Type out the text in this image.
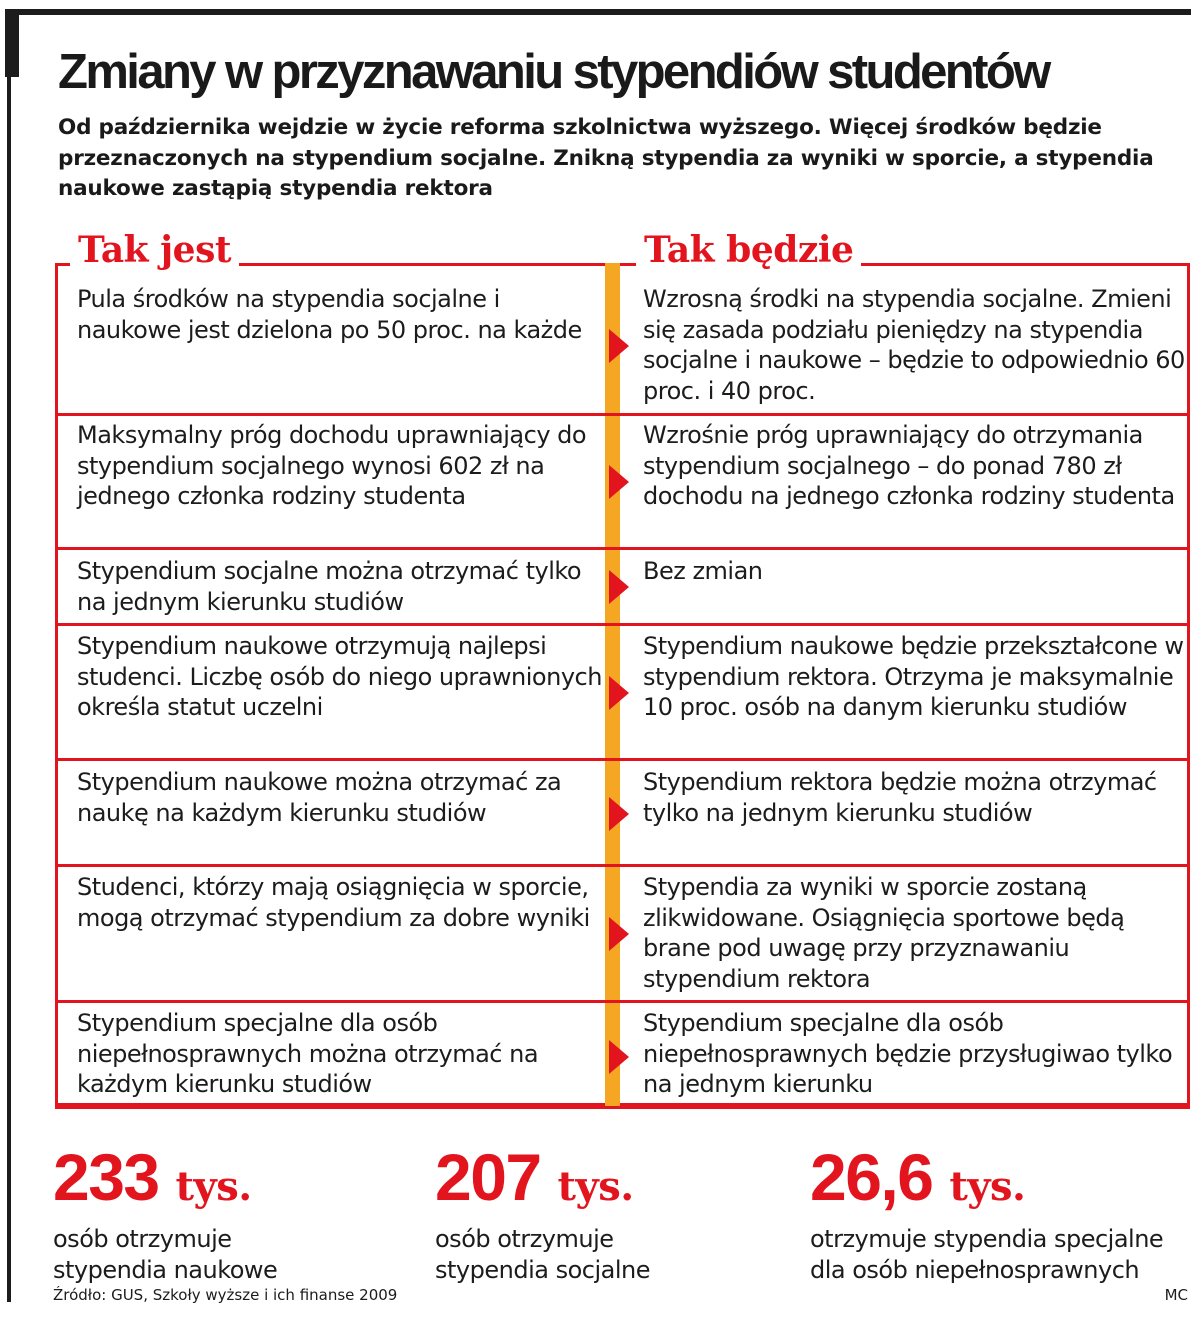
Zmiany w przyznawaniu stypendiów studentów

Od października wejdzie w życie reforma szkolnictwa wyższego. Więcej środków będzie przeznaczonych na stypendium socjalne. Znikną stypendia za wyniki w sporcie, a stypendia naukowe zastąpią stypendia rektora

Tak jest	Tak będzie
Pula środków na stypendia socjalne i naukowe jest dzielona po 50 proc. na każde
Wzrosną środki na stypendia socjalne. Zmieni się zasada podziału pieniędzy na stypendia socjalne i naukowe – będzie to odpowiednio 60 proc. i 40 proc.
Maksymalny próg dochodu uprawniający do stypendium socjalnego wynosi 602 zł na jednego członka rodziny studenta
Wzrośnie próg uprawniający do otrzymania stypendium socjalnego – do ponad 780 zł dochodu na jednego członka rodziny studenta
Stypendium socjalne można otrzymać tylko na jednym kierunku studiów
Bez zmian
Stypendium naukowe otrzymują najlepsi studenci. Liczbę osób do niego uprawnionych określa statut uczelni
Stypendium naukowe będzie przekształcone w stypendium rektora. Otrzyma je maksymalnie 10 proc. osób na danym kierunku studiów
Stypendium naukowe można otrzymać za naukę na każdym kierunku studiów
Stypendium rektora będzie można otrzymać tylko na jednym kierunku studiów
Studenci, którzy mają osiągnięcia w sporcie, mogą otrzymać stypendium za dobre wyniki
Stypendia za wyniki w sporcie zostaną zlikwidowane. Osiągnięcia sportowe będą brane pod uwagę przy przyznawaniu stypendium rektora
Stypendium specjalne dla osób niepełnosprawnych można otrzymać na każdym kierunku studiów
Stypendium specjalne dla osób niepełnosprawnych będzie przysługiwao tylko na jednym kierunku
233 tys.
osób otrzymuje
stypendia naukowe
207 tys.
osób otrzymuje
stypendia socjalne
26,6 tys.
otrzymuje stypendia specjalne
dla osób niepełnosprawnych
Źródło: GUS, Szkoły wyższe i ich finanse 2009	MC
